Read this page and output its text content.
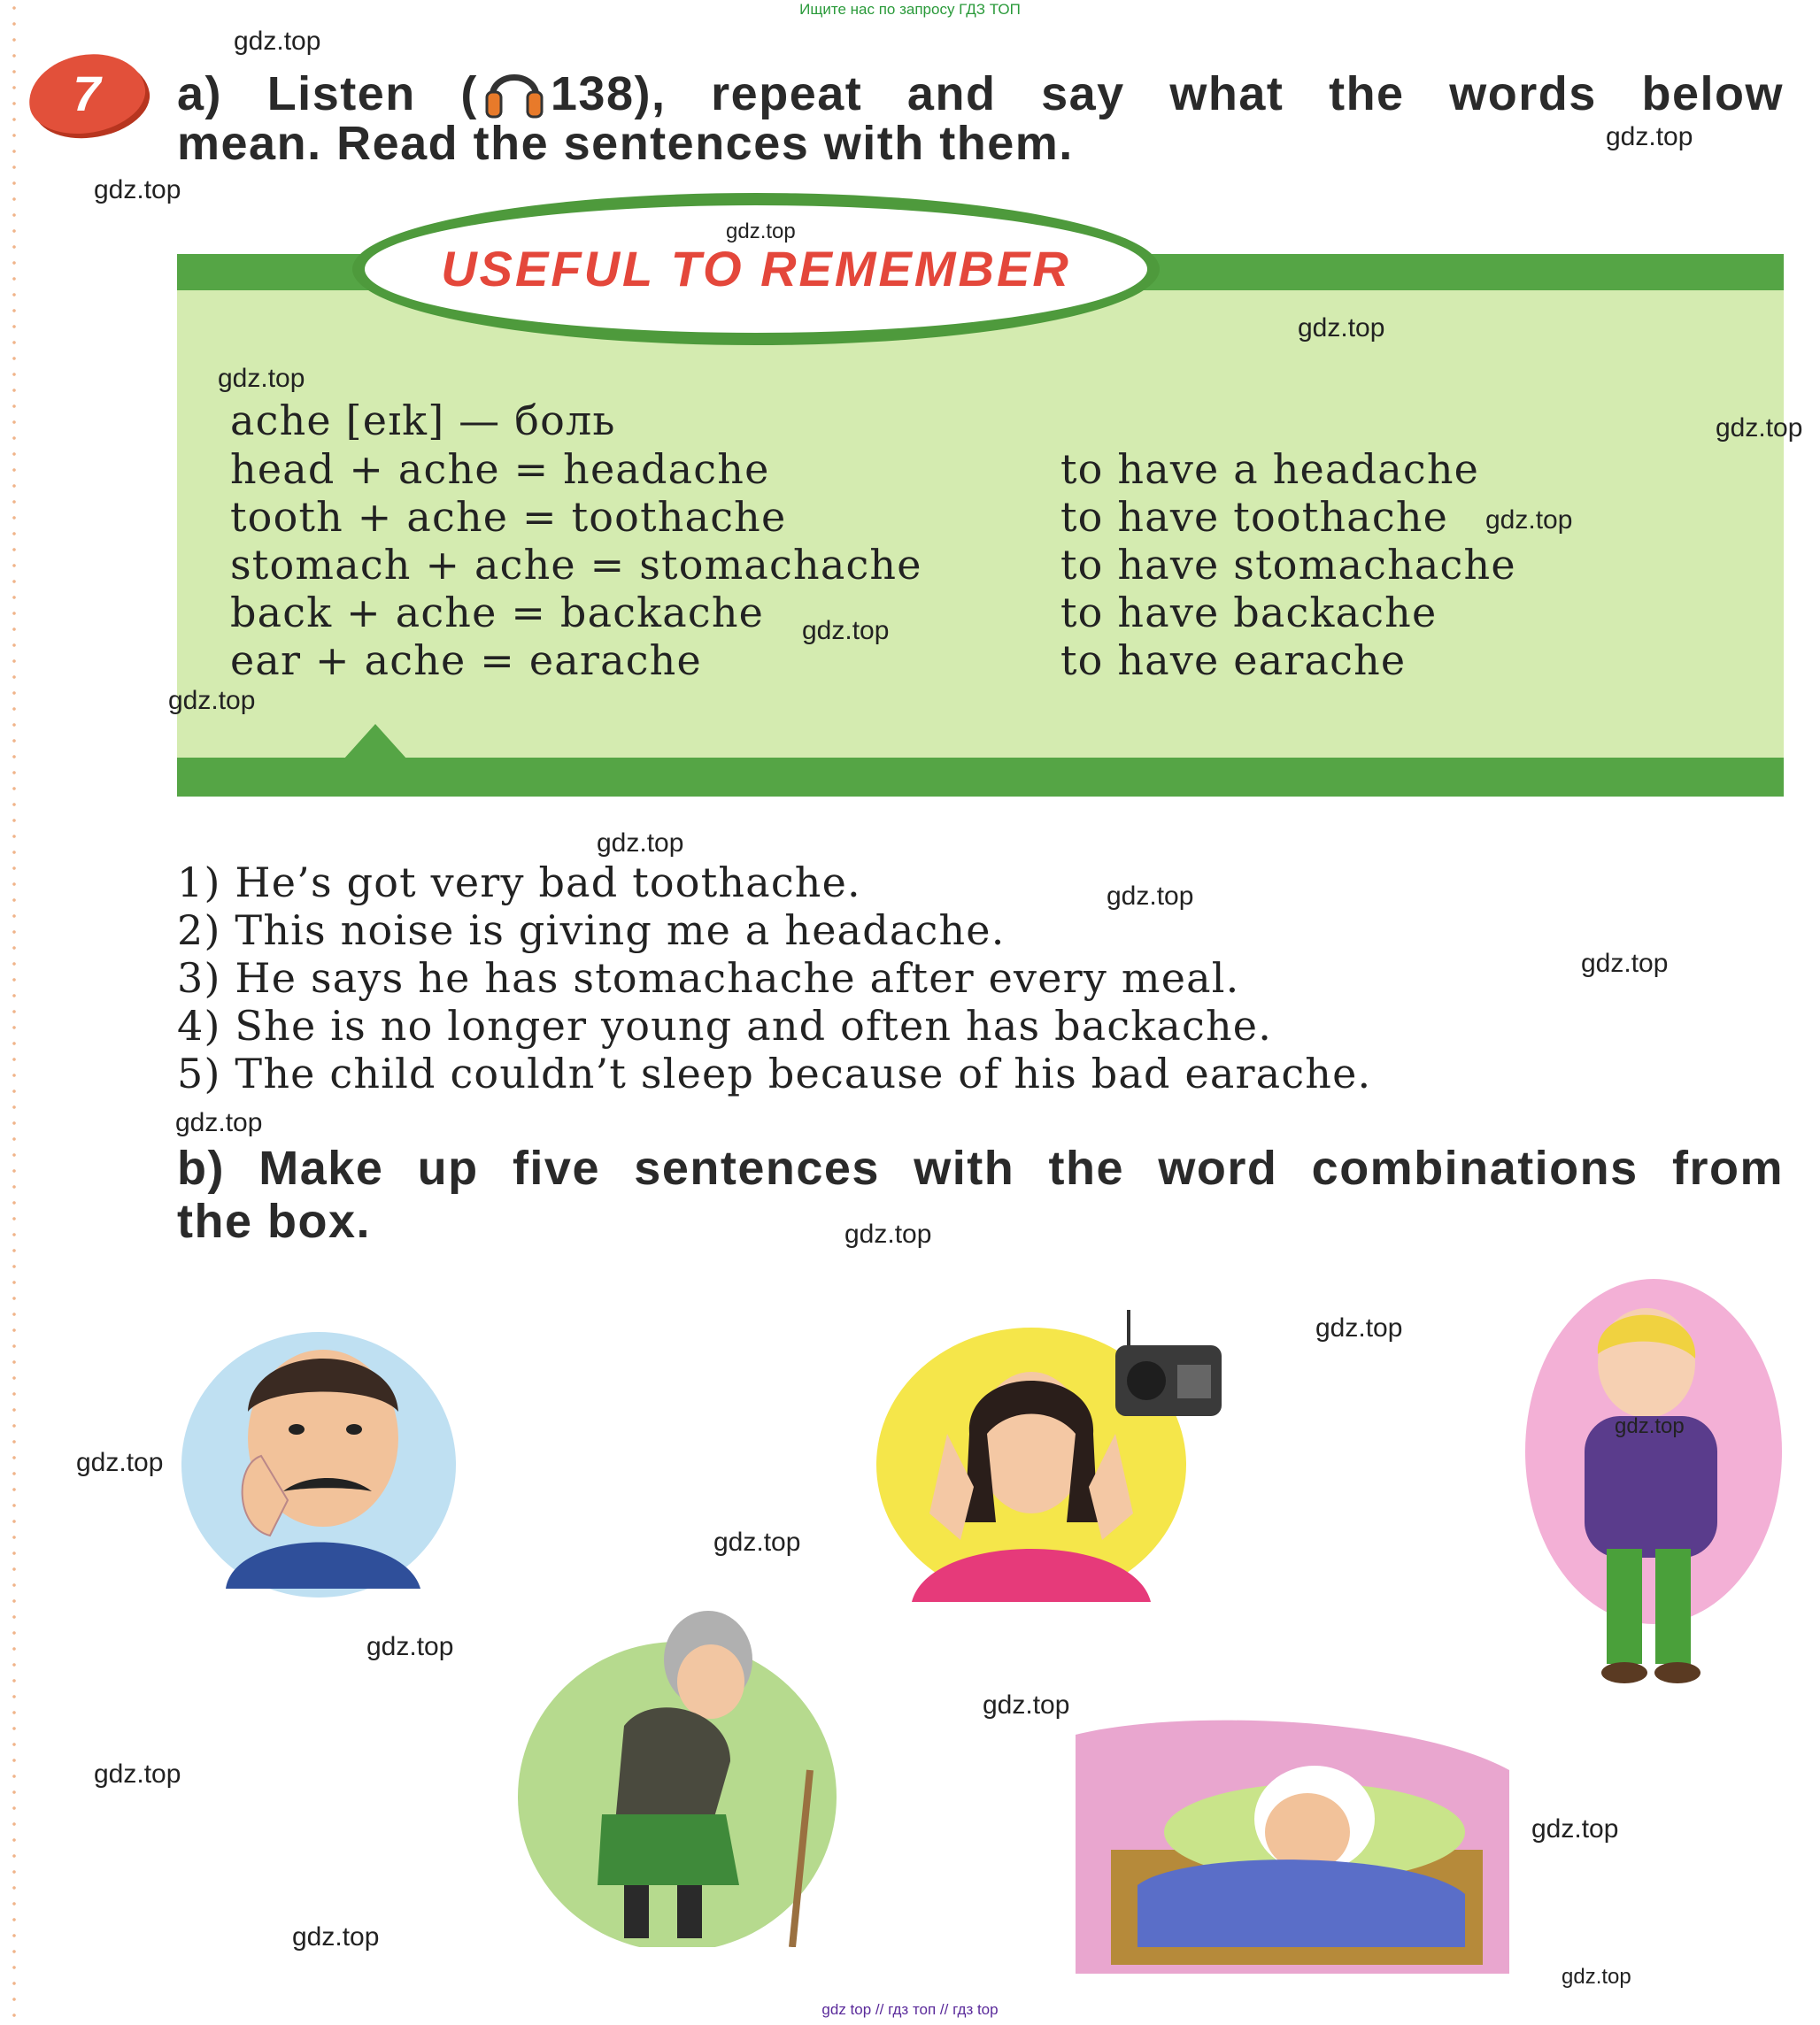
Ищите нас по запросу ГДЗ ТОП
7	a) Listen ( 138), repeat and say what the words below
mean. Read the sentences with them.
USEFUL TO REMEMBER
ache [eɪk] — боль
head + ache = headache
tooth + ache = toothache
stomach + ache = stomachache
back + ache = backache
ear + ache = earache
to have a headache
to have toothache
to have stomachache
to have backache
to have earache
1) He’s got very bad toothache.
2) This noise is giving me a headache.
3) He says he has stomachache after every meal.
4) She is no longer young and often has backache.
5) The child couldn’t sleep because of his bad earache.
b) Make up five sentences with the word combinations from
the box.
gdz.top
gdz.top
gdz.top
gdz.top
gdz.top
gdz.top
gdz.top
gdz.top
gdz.top
gdz.top
gdz.top
gdz.top
gdz.top
gdz.top
gdz.top
gdz.top
gdz.top
gdz.top
gdz.top
gdz.top
gdz.top
gdz.top
gdz.top
gdz.top
gdz.top
gdz top // гдз топ // гдз top
